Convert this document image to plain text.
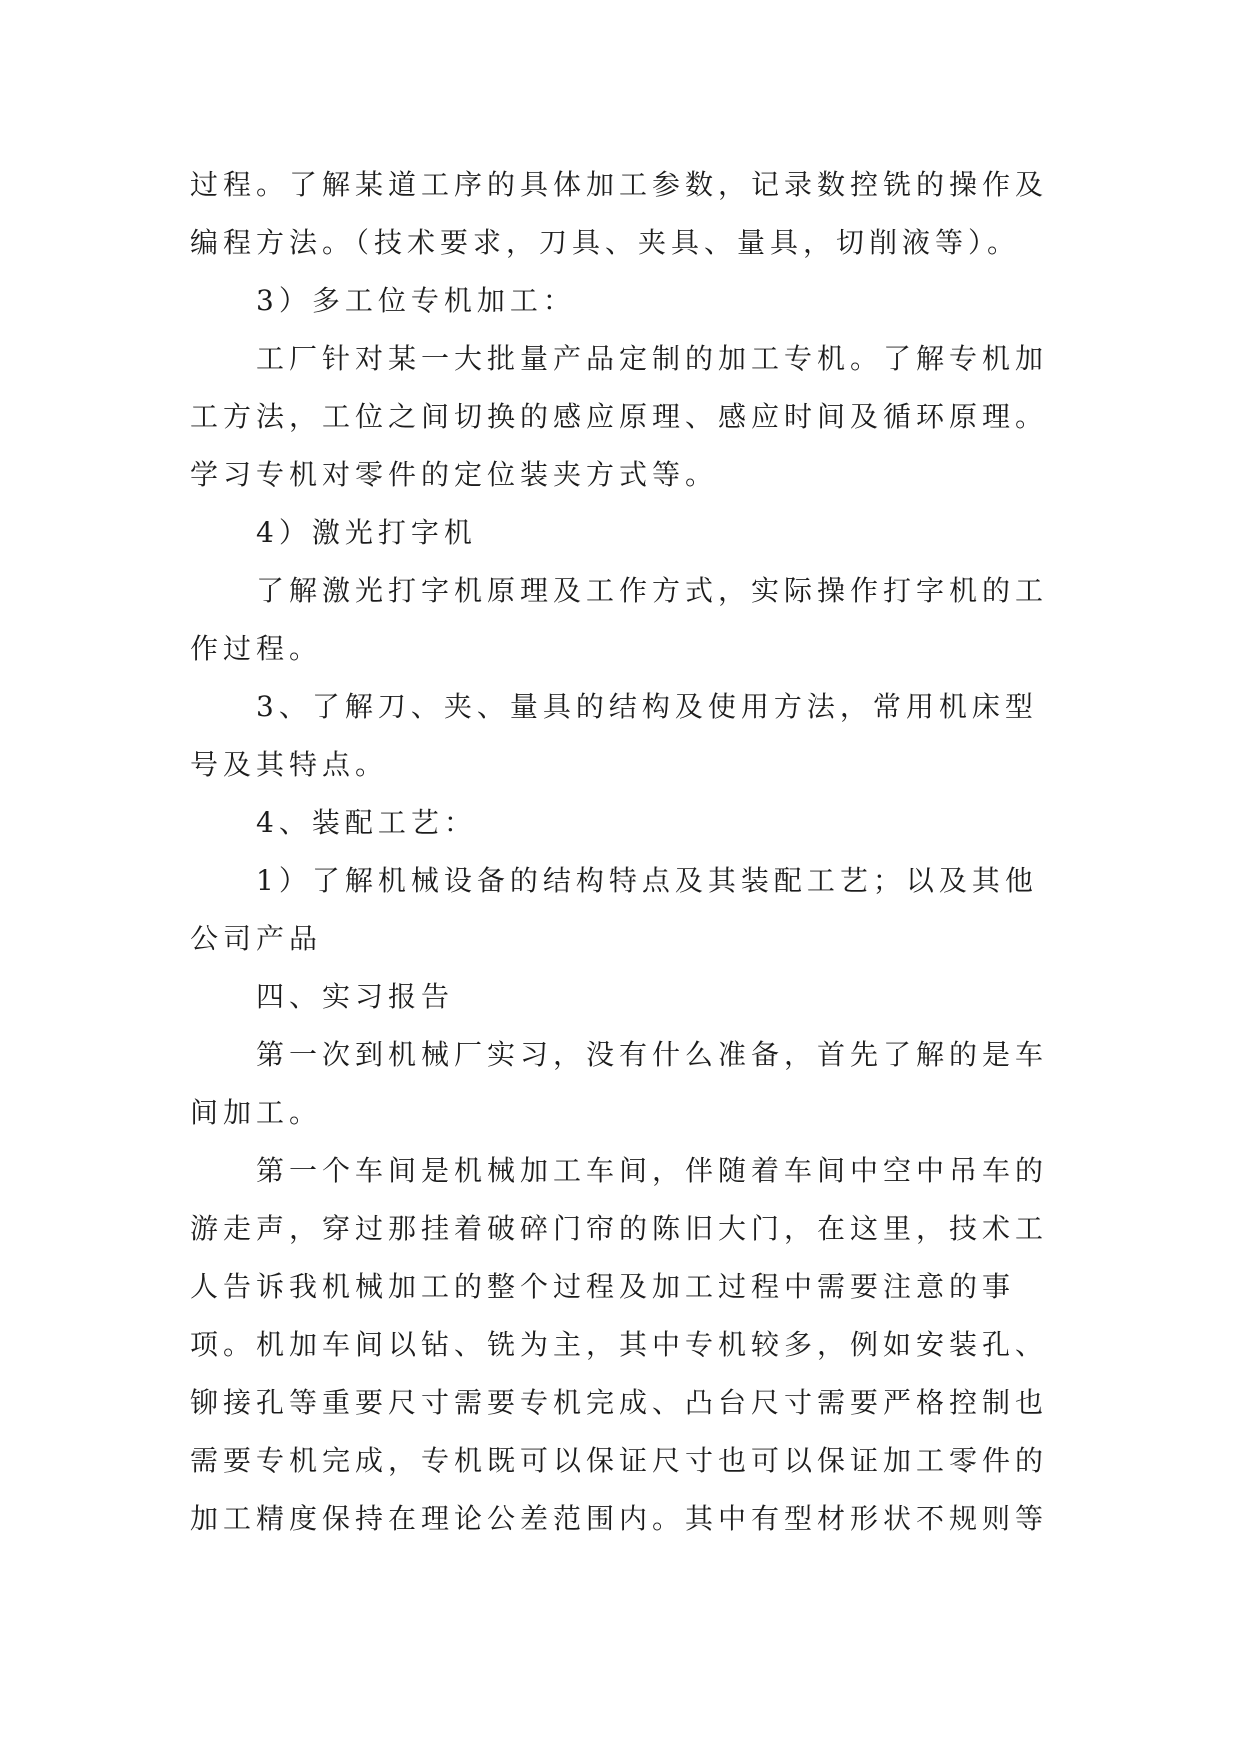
过程。了解某道工序的具体加工参数，记录数控铣的操作及
编程方法。（技术要求，刀具、夹具、量具，切削液等）。
3）多工位专机加工：
工厂针对某一大批量产品定制的加工专机。了解专机加
工方法，工位之间切换的感应原理、感应时间及循环原理。
学习专机对零件的定位装夹方式等。
4）激光打字机
了解激光打字机原理及工作方式，实际操作打字机的工
作过程。
3、了解刀、夹、量具的结构及使用方法，常用机床型
号及其特点。
4、装配工艺：
1）了解机械设备的结构特点及其装配工艺；以及其他
公司产品
四、实习报告
第一次到机械厂实习，没有什么准备，首先了解的是车
间加工。
第一个车间是机械加工车间，伴随着车间中空中吊车的
游走声，穿过那挂着破碎门帘的陈旧大门，在这里，技术工
人告诉我机械加工的整个过程及加工过程中需要注意的事
项。机加车间以钻、铣为主，其中专机较多，例如安装孔、
铆接孔等重要尺寸需要专机完成、凸台尺寸需要严格控制也
需要专机完成，专机既可以保证尺寸也可以保证加工零件的
加工精度保持在理论公差范围内。其中有型材形状不规则等
